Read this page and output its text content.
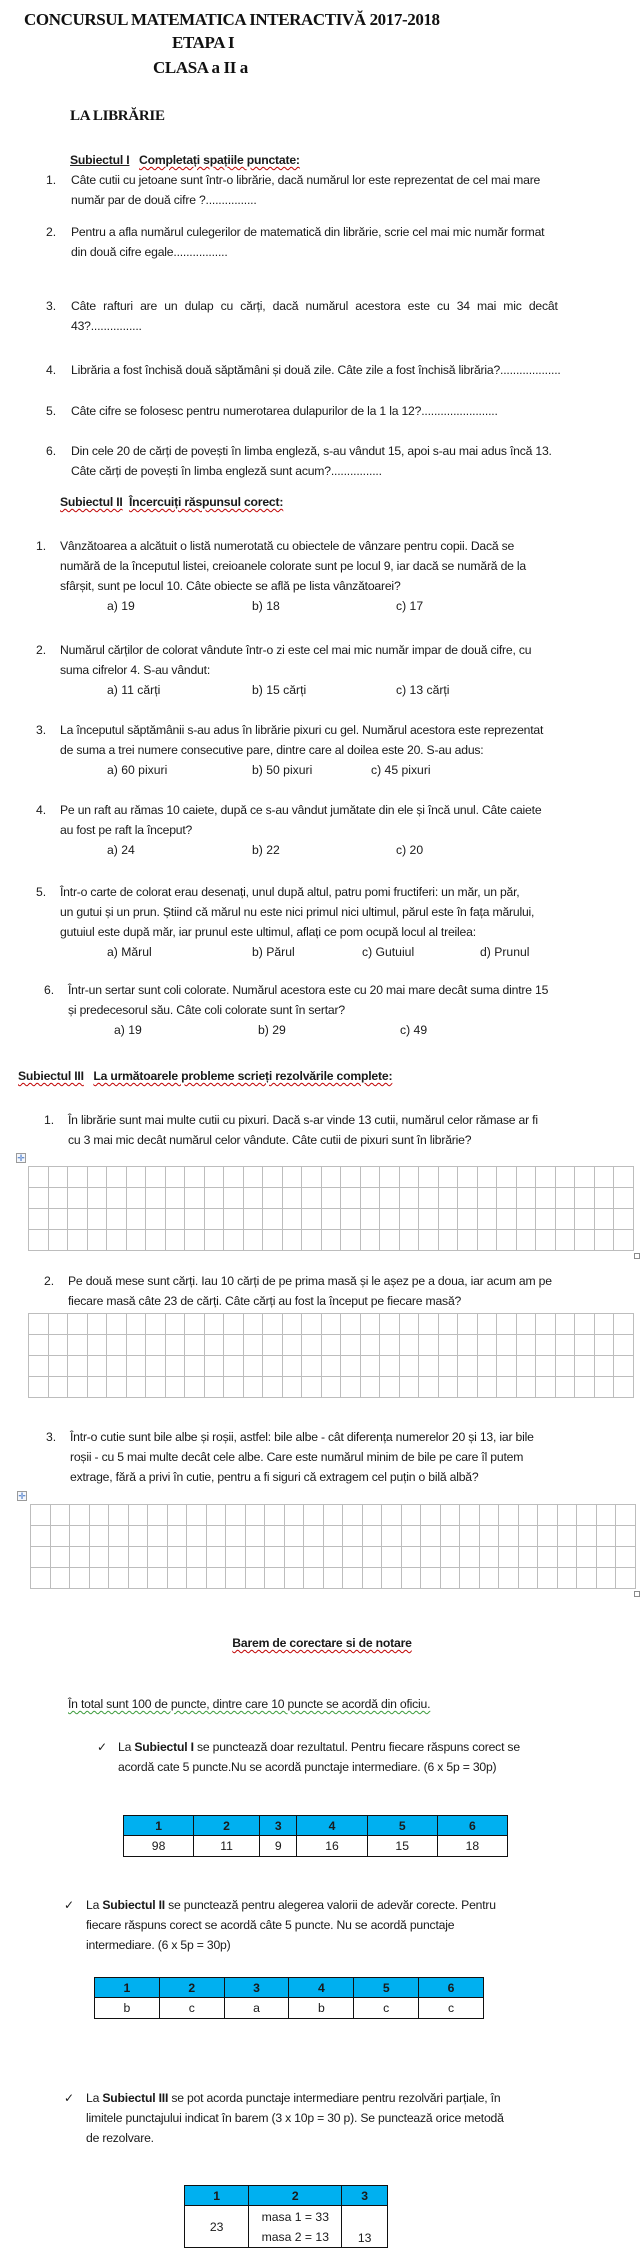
CONCURSUL MATEMATICA INTERACTIVĂ 2017-2018
ETAPA I
CLASA a II a
LA LIBRĂRIE
Subiectul I Completați spațiile punctate:
1. Câte cutii cu jetoane sunt într-o librărie, dacă numărul lor este reprezentat de cel mai mare
număr par de două cifre ?................
2. Pentru a afla numărul culegerilor de matematică din librărie, scrie cel mai mic număr format
din două cifre egale.................
3. Câte rafturi are un dulap cu cărți, dacă numărul acestora este cu 34 mai mic decât
43?................
4. Librăria a fost închisă două săptămâni și două zile. Câte zile a fost închisă librăria?...................
5. Câte cifre se folosesc pentru numerotarea dulapurilor de la 1 la 12?........................
6. Din cele 20 de cărți de povești în limba engleză, s-au vândut 15, apoi s-au mai adus încă 13.
Câte cărți de povești în limba engleză sunt acum?................
Subiectul II Încercuiți răspunsul corect:
1. Vânzătoarea a alcătuit o listă numerotată cu obiectele de vânzare pentru copii. Dacă se
numără de la începutul listei, creioanele colorate sunt pe locul 9, iar dacă se numără de la
sfârșit, sunt pe locul 10. Câte obiecte se află pe lista vânzătoarei?
a) 19	b) 18	c) 17
2. Numărul cărților de colorat vândute într-o zi este cel mai mic număr impar de două cifre, cu
suma cifrelor 4. S-au vândut:
a) 11 cărți	b) 15 cărți	c) 13 cărți
3. La începutul săptămânii s-au adus în librărie pixuri cu gel. Numărul acestora este reprezentat
de suma a trei numere consecutive pare, dintre care al doilea este 20. S-au adus:
a) 60 pixuri	b) 50 pixuri	c) 45 pixuri
4. Pe un raft au rămas 10 caiete, după ce s-au vândut jumătate din ele și încă unul. Câte caiete
au fost pe raft la început?
a) 24	b) 22	c) 20
5. Într-o carte de colorat erau desenați, unul după altul, patru pomi fructiferi: un măr, un păr,
un gutui și un prun. Știind că mărul nu este nici primul nici ultimul, părul este în fața mărului,
gutuiul este după măr, iar prunul este ultimul, aflați ce pom ocupă locul al treilea:
a) Mărul	b) Părul	c) Gutuiul	d) Prunul
6. Într-un sertar sunt coli colorate. Numărul acestora este cu 20 mai mare decât suma dintre 15
și predecesorul său. Câte coli colorate sunt în sertar?
a) 19	b) 29	c) 49
Subiectul III La următoarele probleme scrieți rezolvările complete:
1. În librărie sunt mai multe cutii cu pixuri. Dacă s-ar vinde 13 cutii, numărul celor rămase ar fi
cu 3 mai mic decât numărul celor vândute. Câte cutii de pixuri sunt în librărie?
✛

2. Pe două mese sunt cărți. Iau 10 cărți de pe prima masă și le așez pe a doua, iar acum am pe
fiecare masă câte 23 de cărți. Câte cărți au fost la început pe fiecare masă?

3. Într-o cutie sunt bile albe și roșii, astfel: bile albe - cât diferența numerelor 20 și 13, iar bile
roșii - cu 5 mai multe decât cele albe. Care este numărul minim de bile pe care îl putem
extrage, fără a privi în cutie, pentru a fi siguri că extragem cel puțin o bilă albă?
✛

Barem de corectare si de notare
În total sunt 100 de puncte, dintre care 10 puncte se acordă din oficiu.
✓ La Subiectul I se punctează doar rezultatul. Pentru fiecare răspuns corect se
acordă cate 5 puncte.Nu se acordă punctaje intermediare. (6 x 5p = 30p)
1	2	3	4	5	6
98	11	9	16	15	18
✓ La Subiectul II se punctează pentru alegerea valorii de adevăr corecte. Pentru
fiecare răspuns corect se acordă câte 5 puncte. Nu se acordă punctaje
intermediare. (6 x 5p = 30p)
1	2	3	4	5	6
b	c	a	b	c	c
✓ La Subiectul III se pot acorda punctaje intermediare pentru rezolvări parțiale, în
limitele punctajului indicat în barem (3 x 10p = 30 p). Se punctează orice metodă
de rezolvare.
1	2	3
23	masa 1 = 33
masa 2 = 13	13
